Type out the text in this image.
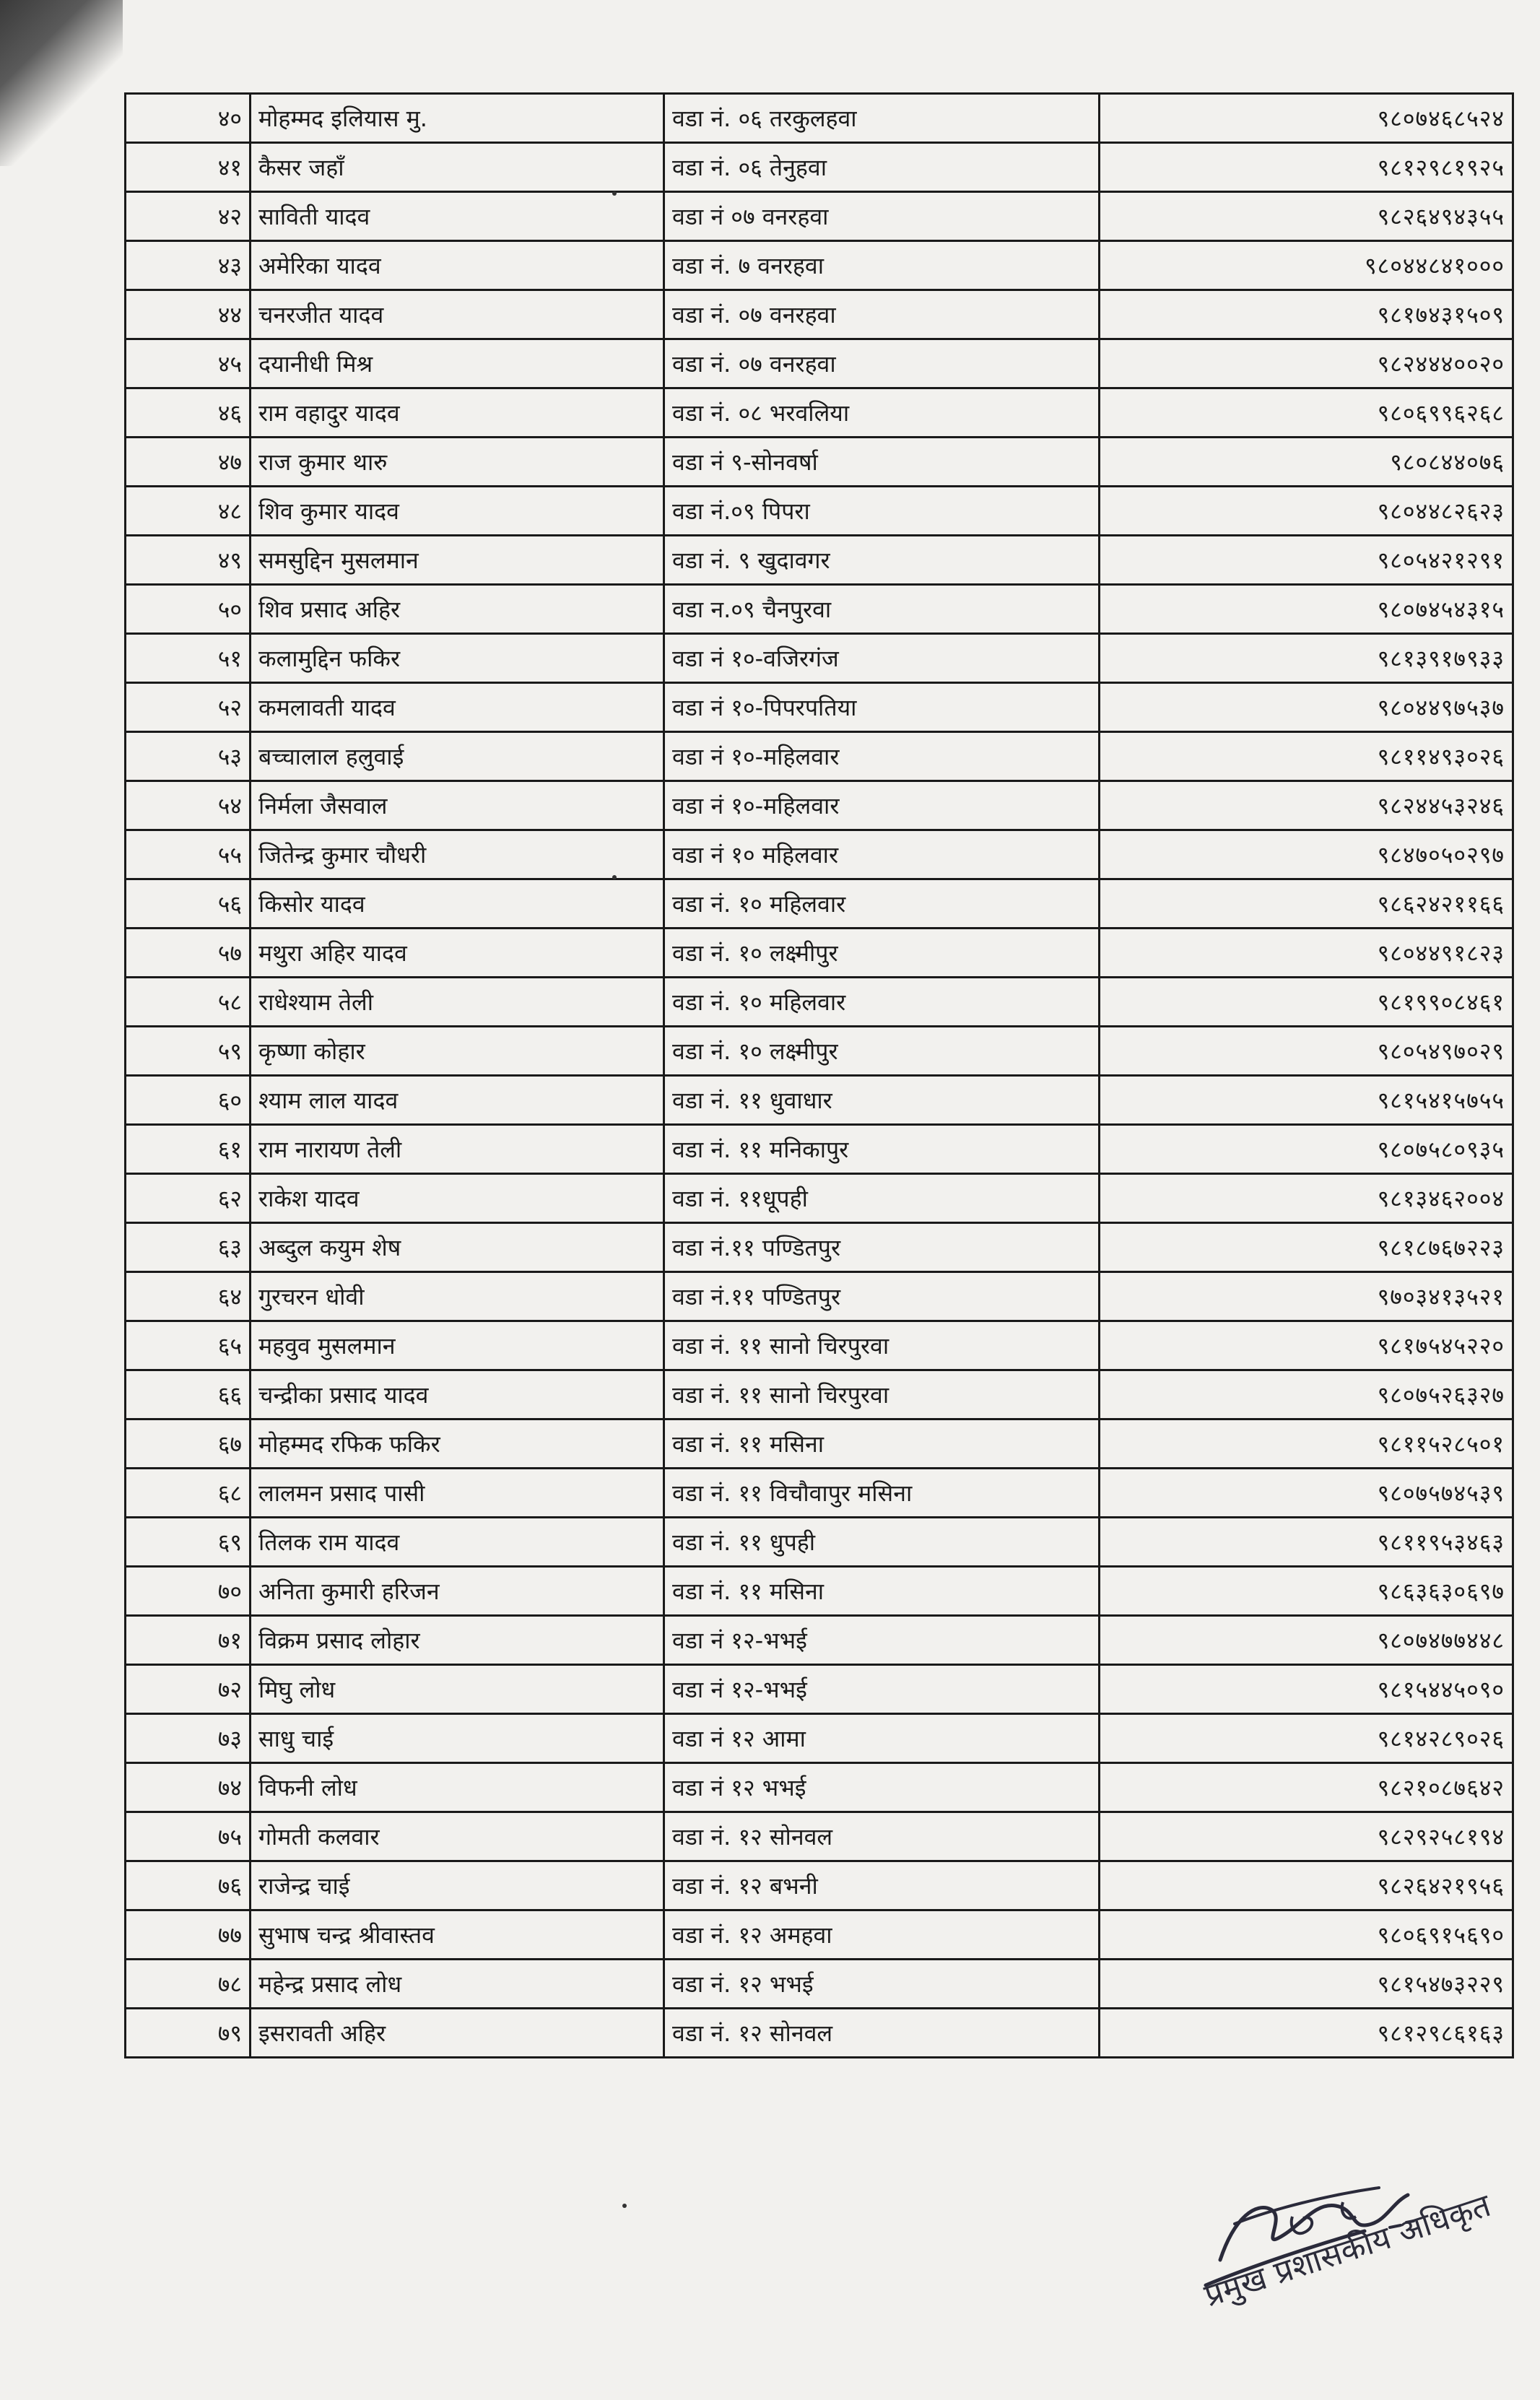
४०	मोहम्मद इलियास मु.	वडा नं. ०६ तरकुलहवा	९८०७४६८५२४
४१	कैसर जहाँ	वडा नं. ०६ तेनुहवा	९८१२९८१९२५
४२	साविती यादव	वडा नं ०७ वनरहवा	९८२६४९४३५५
४३	अमेरिका यादव	वडा नं. ७ वनरहवा	९८०४४८४१०००
४४	चनरजीत यादव	वडा नं. ०७ वनरहवा	९८१७४३१५०९
४५	दयानीधी मिश्र	वडा नं. ०७ वनरहवा	९८२४४४००२०
४६	राम वहादुर यादव	वडा नं. ०८ भरवलिया	९८०६९९६२६८
४७	राज कुमार थारु	वडा नं ९-सोनवर्षा	९८०८४४०७६
४८	शिव कुमार यादव	वडा नं.०९ पिपरा	९८०४४८२६२३
४९	समसुद्दिन मुसलमान	वडा नं. ९ खुदावगर	९८०५४२१२९१
५०	शिव प्रसाद अहिर	वडा न.०९ चैनपुरवा	९८०७४५४३१५
५१	कलामुद्दिन फकिर	वडा नं १०-वजिरगंज	९८१३९१७९३३
५२	कमलावती यादव	वडा नं १०-पिपरपतिया	९८०४४९७५३७
५३	बच्चालाल हलुवाई	वडा नं १०-महिलवार	९८११४९३०२६
५४	निर्मला जैसवाल	वडा नं १०-महिलवार	९८२४४५३२४६
५५	जितेन्द्र कुमार चौधरी	वडा नं १० महिलवार	९८४७०५०२९७
५६	किसोर यादव	वडा नं. १० महिलवार	९८६२४२११६६
५७	मथुरा अहिर यादव	वडा नं. १० लक्ष्मीपुर	९८०४४९१८२३
५८	राधेश्याम तेली	वडा नं. १० महिलवार	९८१९९०८४६१
५९	कृष्णा कोहार	वडा नं. १० लक्ष्मीपुर	९८०५४९७०२९
६०	श्याम लाल यादव	वडा नं. ११ धुवाधार	९८१५४१५७५५
६१	राम नारायण तेली	वडा नं. ११ मनिकापुर	९८०७५८०९३५
६२	राकेश यादव	वडा नं. ११धूपही	९८१३४६२००४
६३	अब्दुल कयुम शेष	वडा नं.११ पण्डितपुर	९८१८७६७२२३
६४	गुरचरन धोवी	वडा नं.११ पण्डितपुर	९७०३४१३५२१
६५	महवुव मुसलमान	वडा नं. ११ सानो चिरपुरवा	९८१७५४५२२०
६६	चन्द्रीका प्रसाद यादव	वडा नं. ११ सानो चिरपुरवा	९८०७५२६३२७
६७	मोहम्मद रफिक फकिर	वडा नं. ११ मसिना	९८११५२८५०१
६८	लालमन प्रसाद पासी	वडा नं. ११ विचौवापुर मसिना	९८०७५७४५३९
६९	तिलक राम यादव	वडा नं. ११ धुपही	९८११९५३४६३
७०	अनिता कुमारी हरिजन	वडा नं. ११ मसिना	९८६३६३०६९७
७१	विक्रम प्रसाद लोहार	वडा नं १२-भभई	९८०७४७७४४८
७२	मिघु लोध	वडा नं १२-भभई	९८१५४४५०९०
७३	साधु चाई	वडा नं १२ आमा	९८१४२८९०२६
७४	विफनी लोध	वडा नं १२ भभई	९८२१०८७६४२
७५	गोमती कलवार	वडा नं. १२ सोनवल	९८२९२५८१९४
७६	राजेन्द्र चाई	वडा नं. १२ बभनी	९८२६४२१९५६
७७	सुभाष चन्द्र श्रीवास्तव	वडा नं. १२ अमहवा	९८०६९१५६९०
७८	महेन्द्र प्रसाद लोध	वडा नं. १२ भभई	९८१५४७३२२९
७९	इसरावती अहिर	वडा नं. १२ सोनवल	९८१२९८६१६३
प्रमुख प्रशासकीय अधिकृत
